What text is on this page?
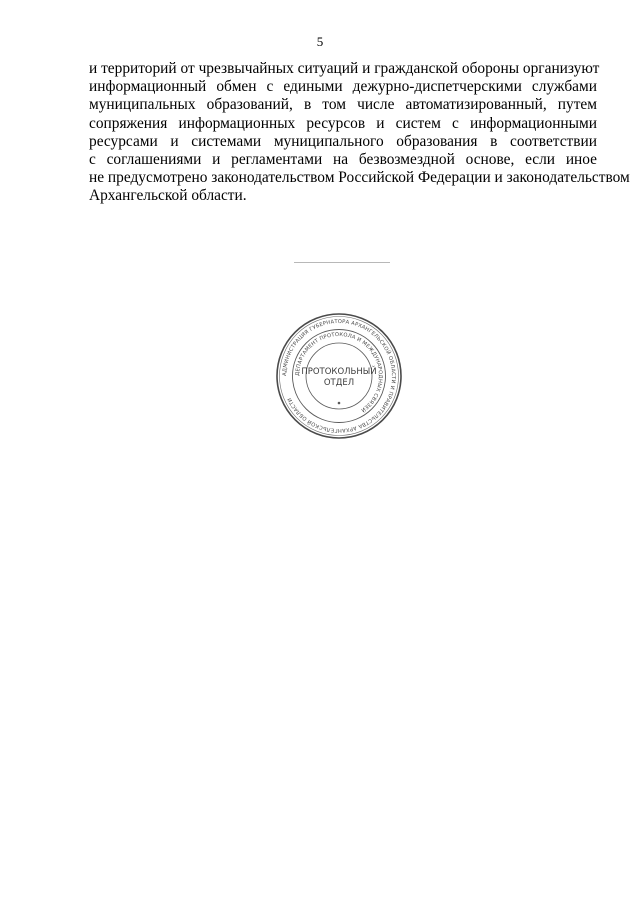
5
и территорий от чрезвычайных ситуаций и гражданской обороны организуют
информационный обмен с едиными дежурно-диспетчерскими службами
муниципальных образований, в том числе автоматизированный, путем
сопряжения информационных ресурсов и систем с информационными
ресурсами и системами муниципального образования в соответствии
с соглашениями и регламентами на безвозмездной основе, если иное
не предусмотрено законодательством Российской Федерации и законодательством
Архангельской области.
АДМИНИСТРАЦИЯ ГУБЕРНАТОРА АРХАНГЕЛЬСКОЙ ОБЛАСТИ И ПРАВИТЕЛЬСТВА АРХАНГЕЛЬСКОЙ ОБЛАСТИ
ДЕПАРТАМЕНТ ПРОТОКОЛА И МЕЖДУНАРОДНЫХ СВЯЗЕЙ
ПРОТОКОЛЬНЫЙ
ОТДЕЛ
